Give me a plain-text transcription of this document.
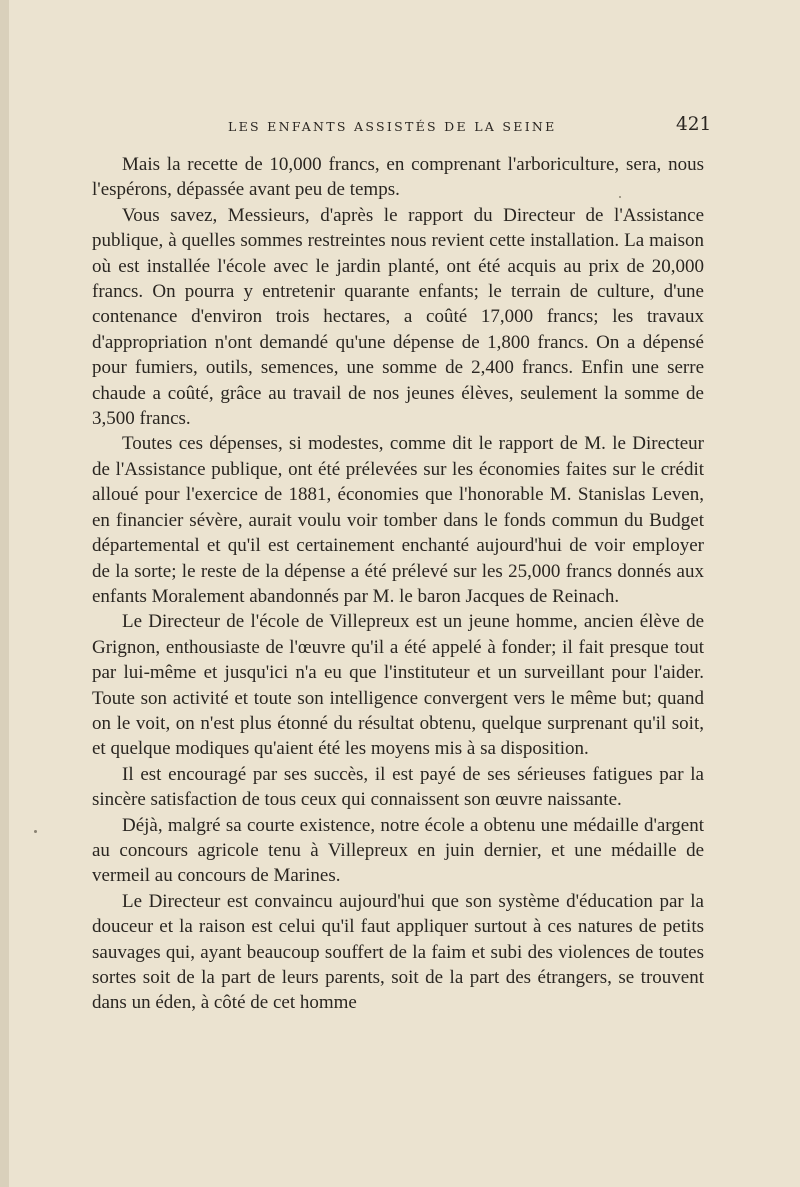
LES ENFANTS ASSISTÉS DE LA SEINE	421

Mais la recette de 10,000 francs, en comprenant l'arboriculture, sera, nous l'espérons, dépassée avant peu de temps.

Vous savez, Messieurs, d'après le rapport du Directeur de l'Assistance publique, à quelles sommes restreintes nous revient cette installation. La maison où est installée l'école avec le jardin planté, ont été acquis au prix de 20,000 francs. On pourra y entretenir quarante enfants; le terrain de culture, d'une contenance d'environ trois hectares, a coûté 17,000 francs; les travaux d'appropriation n'ont demandé qu'une dépense de 1,800 francs. On a dépensé pour fumiers, outils, semences, une somme de 2,400 francs. Enfin une serre chaude a coûté, grâce au travail de nos jeunes élèves, seulement la somme de 3,500 francs.

Toutes ces dépenses, si modestes, comme dit le rapport de M. le Directeur de l'Assistance publique, ont été prélevées sur les économies faites sur le crédit alloué pour l'exercice de 1881, économies que l'honorable M. Stanislas Leven, en financier sévère, aurait voulu voir tomber dans le fonds commun du Budget départemental et qu'il est certainement enchanté aujourd'hui de voir employer de la sorte; le reste de la dépense a été prélevé sur les 25,000 francs donnés aux enfants Moralement abandonnés par M. le baron Jacques de Reinach.

Le Directeur de l'école de Villepreux est un jeune homme, ancien élève de Grignon, enthousiaste de l'œuvre qu'il a été appelé à fonder; il fait presque tout par lui-même et jusqu'ici n'a eu que l'instituteur et un surveillant pour l'aider. Toute son activité et toute son intelligence convergent vers le même but; quand on le voit, on n'est plus étonné du résultat obtenu, quelque surprenant qu'il soit, et quelque modiques qu'aient été les moyens mis à sa disposition.

Il est encouragé par ses succès, il est payé de ses sérieuses fatigues par la sincère satisfaction de tous ceux qui connaissent son œuvre naissante.

Déjà, malgré sa courte existence, notre école a obtenu une médaille d'argent au concours agricole tenu à Villepreux en juin dernier, et une médaille de vermeil au concours de Marines.

Le Directeur est convaincu aujourd'hui que son système d'éducation par la douceur et la raison est celui qu'il faut appliquer surtout à ces natures de petits sauvages qui, ayant beaucoup souffert de la faim et subi des violences de toutes sortes soit de la part de leurs parents, soit de la part des étrangers, se trouvent dans un éden, à côté de cet homme
